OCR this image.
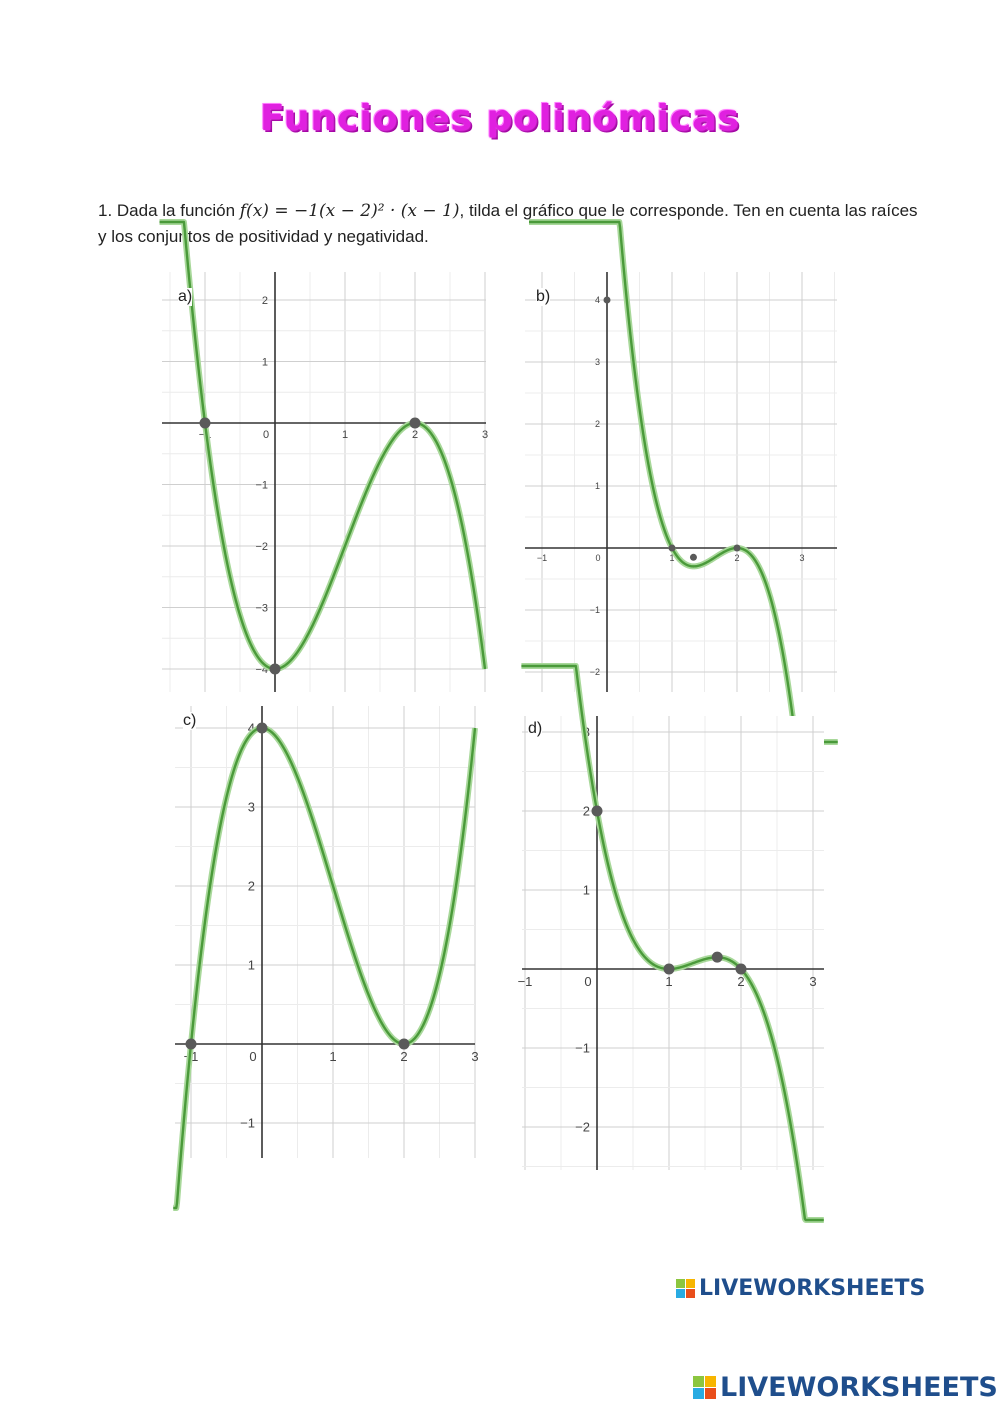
Funciones polinómicas
1. Dada la función f(x) = −1(x − 2)² · (x − 1), tilda el gráfico que le corresponde. Ten en cuenta las raíces y los conjuntos de positividad y negatividad.
−1	0	1	2	3
2
1
−1
−2
−3
−4
a)
−1	0	1	2	3
4
3
2
1
−1
−2
b)
−1	0	1	2	3
4
3
2
1
−1
c)
−1	0	1	2	3
3
2
1
−1
−2
d)
LIVEWORKSHEETS
LIVEWORKSHEETS
